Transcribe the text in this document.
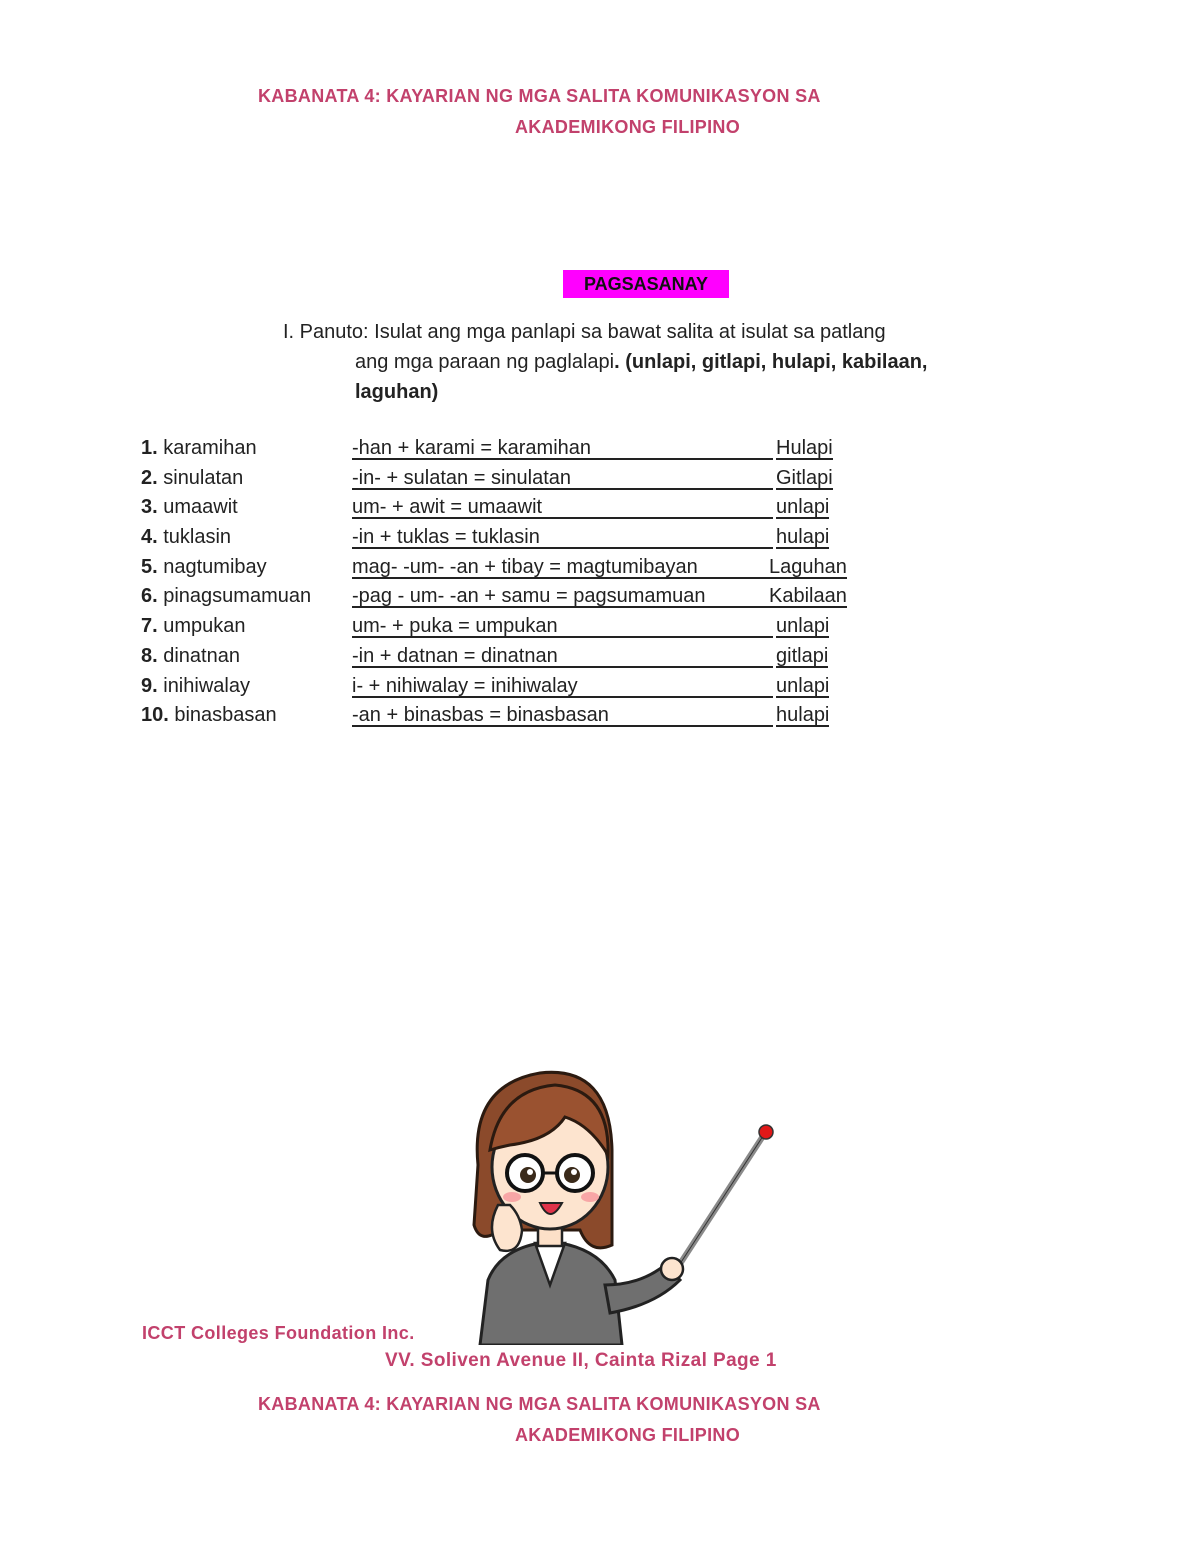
KABANATA 4: KAYARIAN NG MGA SALITA KOMUNIKASYON SA
AKADEMIKONG FILIPINO
PAGSASANAY

I. Panuto: Isulat ang mga panlapi sa bawat salita at isulat sa patlang

ang mga paraan ng paglalapi. (unlapi, gitlapi, hulapi, kabilaan,

laguhan)

1. karamihan	-han + karami = karamihan	Hulapi
2. sinulatan	-in- + sulatan = sinulatan	Gitlapi
3. umaawit	um- + awit = umaawit	unlapi
4. tuklasin	-in + tuklas = tuklasin	hulapi
5. nagtumibay	mag- -um- -an + tibay = magtumibayan	Laguhan
6. pinagsumamuan -pag - um- -an + samu = pagsumamuan	Kabilaan
7. umpukan	um- + puka = umpukan	unlapi
8. dinatnan	-in + datnan = dinatnan	gitlapi
9. inihiwalay	i- + nihiwalay = inihiwalay	unlapi
10. binasbasan	-an + binasbas = binasbasan	hulapi
ICCT Colleges Foundation Inc.
VV. Soliven Avenue II, Cainta Rizal Page 1
KABANATA 4: KAYARIAN NG MGA SALITA KOMUNIKASYON SA
AKADEMIKONG FILIPINO
